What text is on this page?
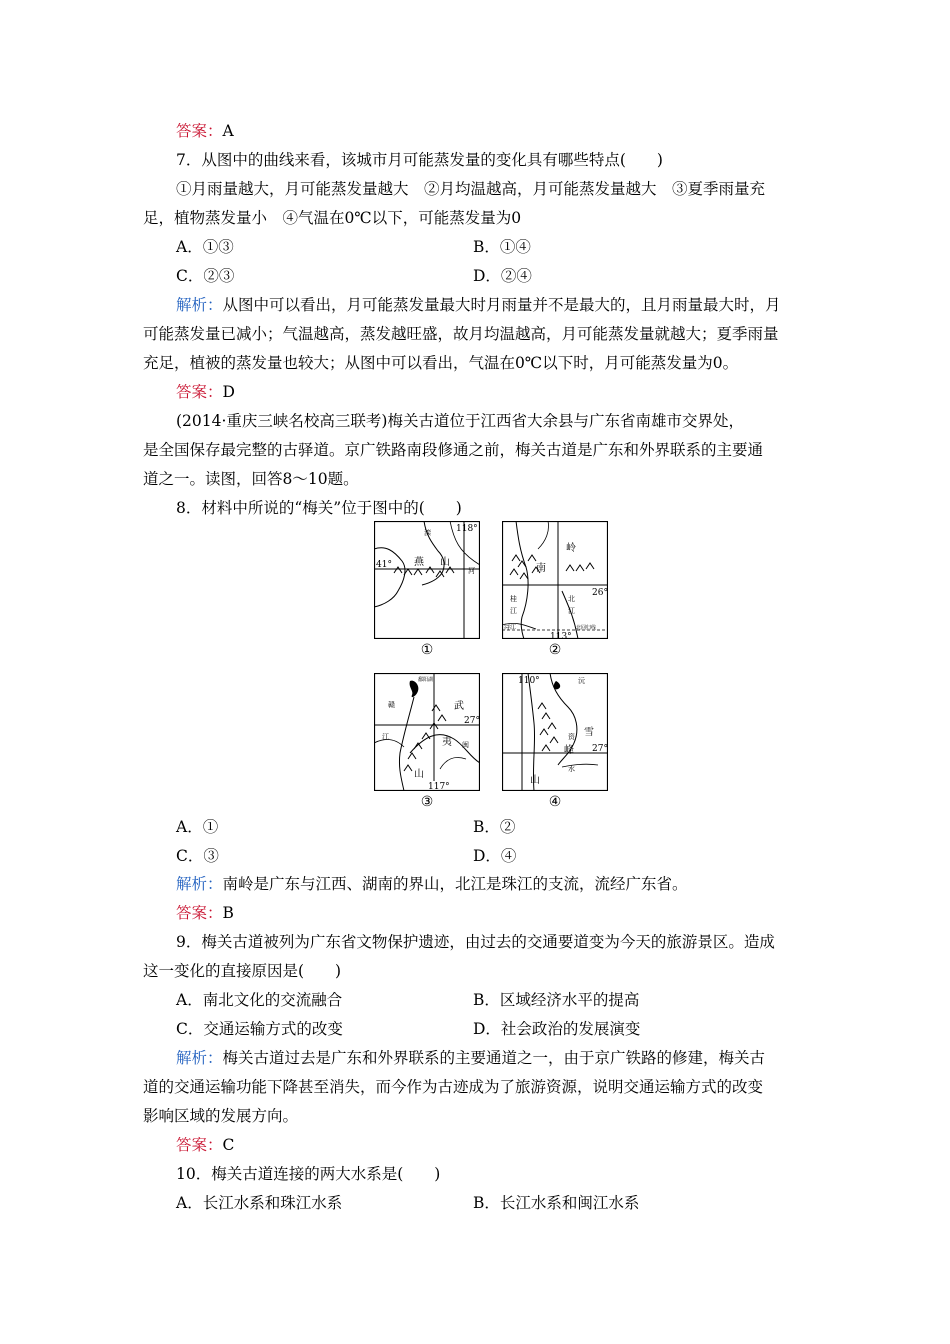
答案：A
7．从图中的曲线来看，该城市月可能蒸发量的变化具有哪些特点(　　)
①月雨量越大，月可能蒸发量越大　②月均温越高，月可能蒸发量越大　③夏季雨量充
足，植物蒸发量小　④气温在0℃以下，可能蒸发量为0
A．①③	B．①④
C．②③	D．②④
解析：从图中可以看出，月可能蒸发量最大时月雨量并不是最大的，且月雨量最大时，月
可能蒸发量已减小；气温越高，蒸发越旺盛，故月均温越高，月可能蒸发量就越大；夏季雨量
充足，植被的蒸发量也较大；从图中可以看出，气温在0℃以下时，月可能蒸发量为0。
答案：D
(2014·重庆三峡名校高三联考)梅关古道位于江西省大余县与广东省南雄市交界处，
是全国保存最完整的古驿道。京广铁路南段修通之前，梅关古道是广东和外界联系的主要通
道之一。读图，回答8～10题。
8．材料中所说的“梅关”位于图中的(　　)
滦	118°
41° 燕 山
河
①
岭
南
26°
桂
江
北
江
浔江	北回归线
113°
②
鄱阳湖
赣	武
27°
江	夷 闽
山
117°
③
110°	沅
雪
资
峰 27°
山
水
④
A．①	B．②
C．③	D．④
解析：南岭是广东与江西、湖南的界山，北江是珠江的支流，流经广东省。
答案：B
9．梅关古道被列为广东省文物保护遗迹，由过去的交通要道变为今天的旅游景区。造成
这一变化的直接原因是(　　)
A．南北文化的交流融合	B．区域经济水平的提高
C．交通运输方式的改变	D．社会政治的发展演变
解析：梅关古道过去是广东和外界联系的主要通道之一，由于京广铁路的修建，梅关古
道的交通运输功能下降甚至消失，而今作为古迹成为了旅游资源，说明交通运输方式的改变
影响区域的发展方向。
答案：C
10．梅关古道连接的两大水系是(　　)
A．长江水系和珠江水系	B．长江水系和闽江水系
